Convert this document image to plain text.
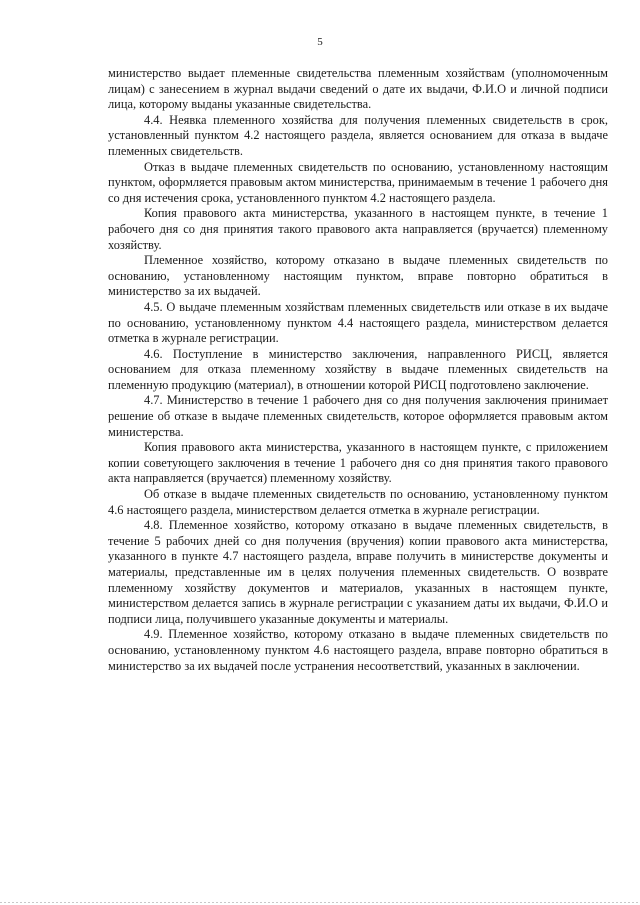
5

министерство выдает племенные свидетельства племенным хозяйствам (уполномоченным лицам) с занесением в журнал выдачи сведений о дате их выдачи, Ф.И.О и личной подписи лица, которому выданы указанные свидетельства.

4.4. Неявка племенного хозяйства для получения племенных свидетельств в срок, установленный пунктом 4.2 настоящего раздела, является основанием для отказа в выдаче племенных свидетельств.

Отказ в выдаче племенных свидетельств по основанию, установленному настоящим пунктом, оформляется правовым актом министерства, принимаемым в течение 1 рабочего дня со дня истечения срока, установленного пунктом 4.2 настоящего раздела.

Копия правового акта министерства, указанного в настоящем пункте, в течение 1 рабочего дня со дня принятия такого правового акта направляется (вручается) племенному хозяйству.

Племенное хозяйство, которому отказано в выдаче племенных свидетельств по основанию, установленному настоящим пунктом, вправе повторно обратиться в министерство за их выдачей.

4.5. О выдаче племенным хозяйствам племенных свидетельств или отказе в их выдаче по основанию, установленному пунктом 4.4 настоящего раздела, министерством делается отметка в журнале регистрации.

4.6. Поступление в министерство заключения, направленного РИСЦ, является основанием для отказа племенному хозяйству в выдаче племенных свидетельств на племенную продукцию (материал), в отношении которой РИСЦ подготовлено заключение.

4.7. Министерство в течение 1 рабочего дня со дня получения заключения принимает решение об отказе в выдаче племенных свидетельств, которое оформляется правовым актом министерства.

Копия правового акта министерства, указанного в настоящем пункте, с приложением копии советующего заключения в течение 1 рабочего дня со дня принятия такого правового акта направляется (вручается) племенному хозяйству.

Об отказе в выдаче племенных свидетельств по основанию, установленному пунктом 4.6 настоящего раздела, министерством делается отметка в журнале регистрации.

4.8. Племенное хозяйство, которому отказано в выдаче племенных свидетельств, в течение 5 рабочих дней со дня получения (вручения) копии правового акта министерства, указанного в пункте 4.7 настоящего раздела, вправе получить в министерстве документы и материалы, представленные им в целях получения племенных свидетельств. О возврате племенному хозяйству документов и материалов, указанных в настоящем пункте, министерством делается запись в журнале регистрации с указанием даты их выдачи, Ф.И.О и подписи лица, получившего указанные документы и материалы.

4.9. Племенное хозяйство, которому отказано в выдаче племенных свидетельств по основанию, установленному пунктом 4.6 настоящего раздела, вправе повторно обратиться в министерство за их выдачей после устранения несоответствий, указанных в заключении.
